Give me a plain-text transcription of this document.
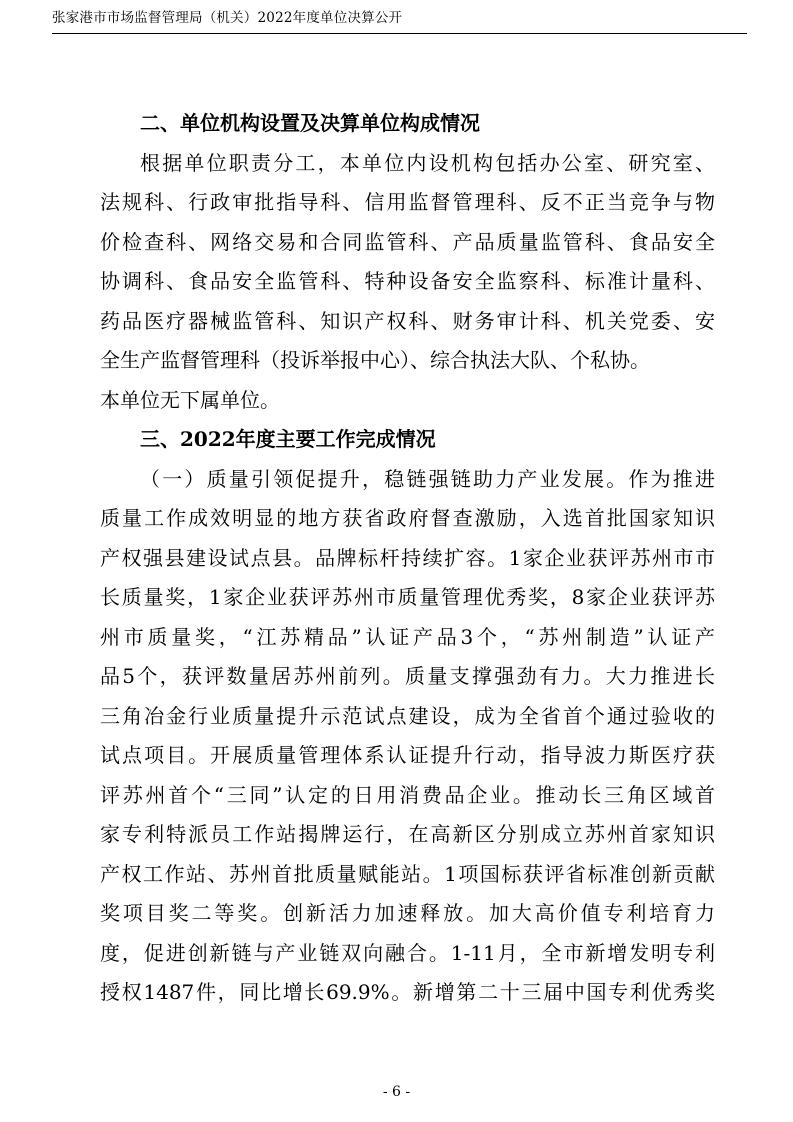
张家港市市场监督管理局（机关）2022年度单位决算公开
二、单位机构设置及决算单位构成情况
根据单位职责分工，本单位内设机构包括办公室、研究室、
法规科、行政审批指导科、信用监督管理科、反不正当竞争与物
价检查科、网络交易和合同监管科、产品质量监管科、食品安全
协调科、食品安全监管科、特种设备安全监察科、标准计量科、
药品医疗器械监管科、知识产权科、财务审计科、机关党委、安
全生产监督管理科（投诉举报中心）、综合执法大队、个私协。
本单位无下属单位。
三、2022年度主要工作完成情况
（一）质量引领促提升，稳链强链助力产业发展。作为推进
质量工作成效明显的地方获省政府督查激励，入选首批国家知识
产权强县建设试点县。品牌标杆持续扩容。1家企业获评苏州市市
长质量奖，1家企业获评苏州市质量管理优秀奖，8家企业获评苏
州市质量奖，“江苏精品”认证产品3个，“苏州制造”认证产
品5个，获评数量居苏州前列。质量支撑强劲有力。大力推进长
三角冶金行业质量提升示范试点建设，成为全省首个通过验收的
试点项目。开展质量管理体系认证提升行动，指导波力斯医疗获
评苏州首个“三同”认定的日用消费品企业。推动长三角区域首
家专利特派员工作站揭牌运行，在高新区分别成立苏州首家知识
产权工作站、苏州首批质量赋能站。1项国标获评省标准创新贡献
奖项目奖二等奖。创新活力加速释放。加大高价值专利培育力
度，促进创新链与产业链双向融合。1-11月，全市新增发明专利
授权1487件，同比增长69.9%。新增第二十三届中国专利优秀奖
- 6 -
